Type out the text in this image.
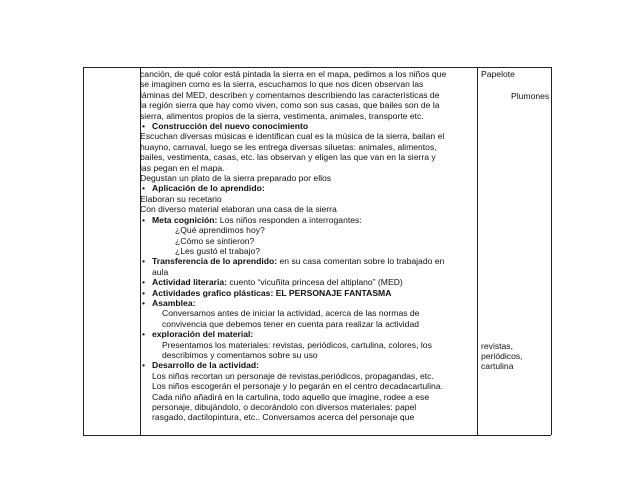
canción, de qué color está pintada la sierra en el mapa, pedimos a los niños que

se imaginen como es la sierra, escuchamos lo que nos dicen observan las

láminas del MED, describen y comentamos describiendo las características de

la región sierra que hay como viven, como son sus casas, que bailes son de la

sierra, alimentos propios de la sierra, vestimenta, animales, transporte etc.

• Construcción del nuevo conocimiento

Escuchan diversas músicas e identifican cual es la música de la sierra, bailan el

huayno, carnaval, luego se les entrega diversas siluetas: animales, alimentos,

bailes, vestimenta, casas, etc. las observan y eligen las que van en la sierra y

las pegan en el mapa.

Degustan un plato de la sierra preparado por ellos

• Aplicación de lo aprendido:

Elaboran su recetario

Con diverso material elaboran una casa de la sierra

• Meta cognición: Los niños responden a interrogantes:

¿Qué aprendimos hoy?

¿Cómo se sintieron?

¿Les gustó el trabajo?

• Transferencia de lo aprendido: en su casa comentan sobre lo trabajado en

aula

• Actividad literaria: cuento “vicuñita princesa del altiplano” (MED)

• Actividades grafico plásticas: EL PERSONAJE FANTASMA

• Asamblea:

Conversamos antes de iniciar la actividad, acerca de las normas de

convivencia que debemos tener en cuenta para realizar la actividad

• exploración del material:

Presentamos los materiales: revistas, periódicos, cartulina, colores, los

describimos y comentamos sobre su uso

• Desarrollo de la actividad:

Los niños recortan un personaje de revistas,periódicos, propagandas, etc.

Los niños escogerán el personaje y lo pegarán en el centro decadacartulina.

Cada niño añadirá en la cartulina, todo aquello que imagine, rodee a ese

personaje, dibujándolo, o decorándolo con diversos materiales: papel

rasgado, dactilopintura, etc.. Conversamos acerca del personaje que

Papelote
Plumones
revistas,
periódicos,
cartulina
